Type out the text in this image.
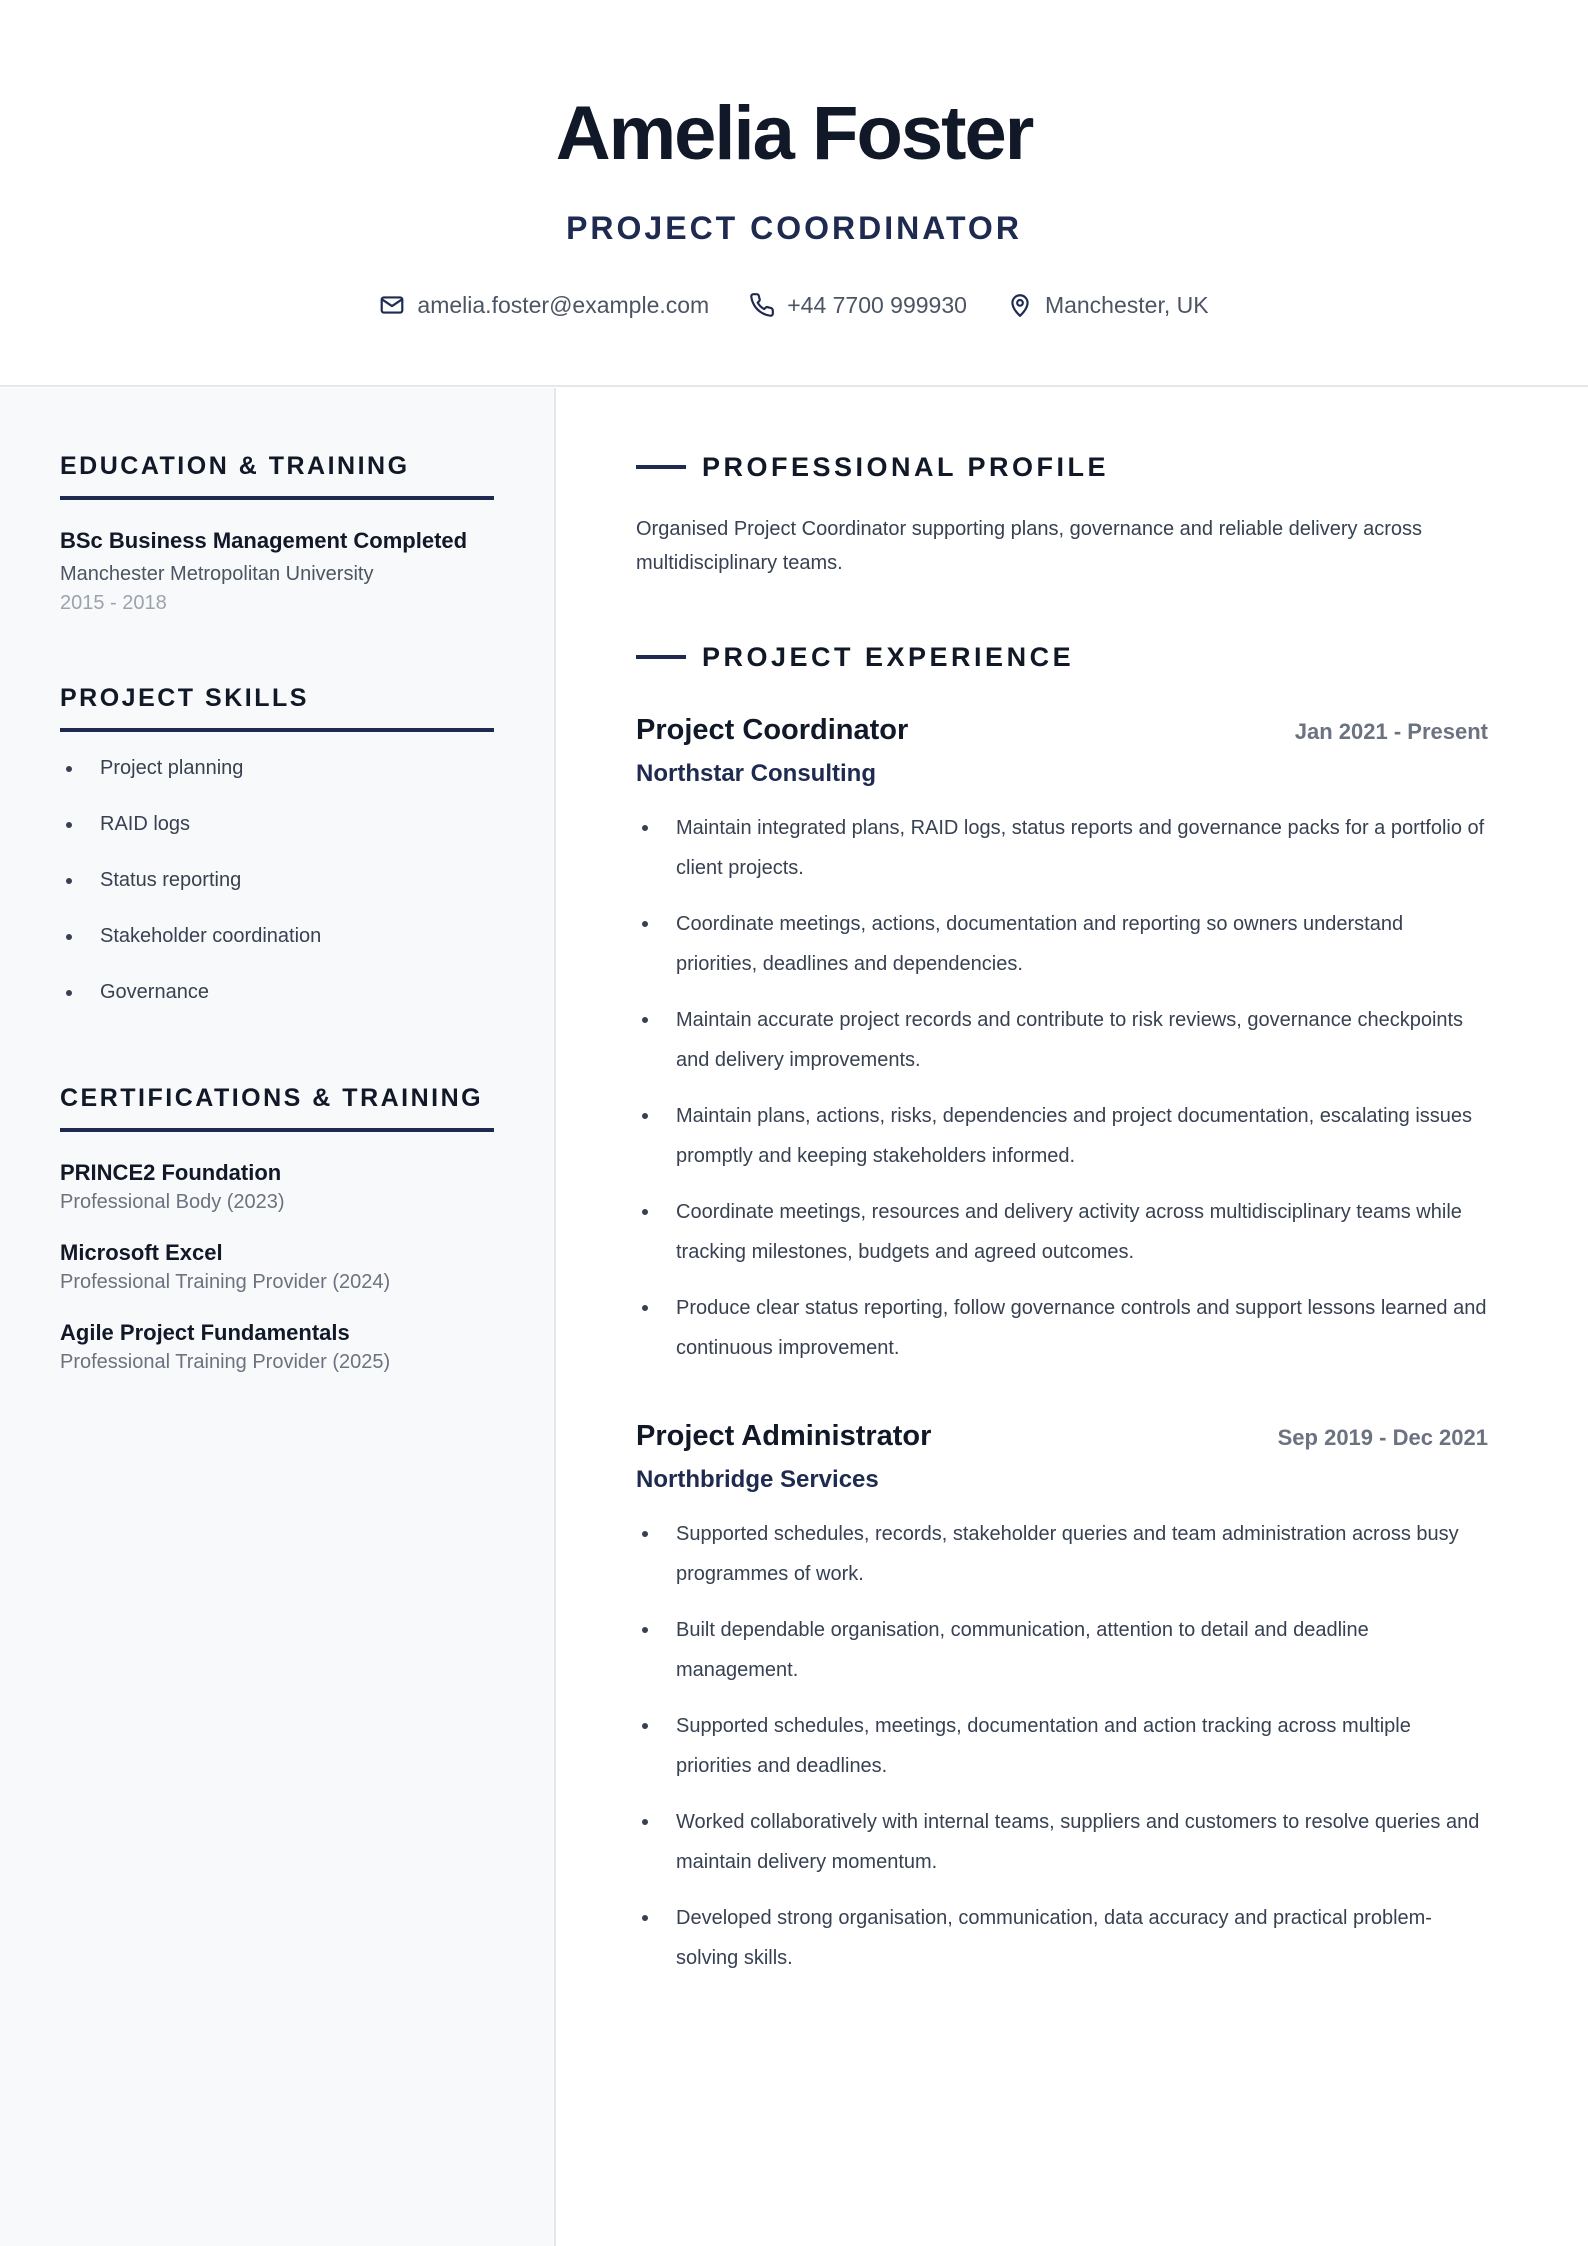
Amelia Foster
PROJECT COORDINATOR
amelia.foster@example.com	+44 7700 999930	Manchester, UK
EDUCATION & TRAINING
BSc Business Management Completed
Manchester Metropolitan University
2015 - 2018
PROJECT SKILLS
Project planning
RAID logs
Status reporting
Stakeholder coordination
Governance
CERTIFICATIONS & TRAINING
PRINCE2 Foundation
Professional Body (2023)
Microsoft Excel
Professional Training Provider (2024)
Agile Project Fundamentals
Professional Training Provider (2025)
PROFESSIONAL PROFILE
Organised Project Coordinator supporting plans, governance and reliable delivery across multidisciplinary teams.
PROJECT EXPERIENCE
Project Coordinator	Jan 2021 - Present
Northstar Consulting
Maintain integrated plans, RAID logs, status reports and governance packs for a portfolio of client projects.
Coordinate meetings, actions, documentation and reporting so owners understand priorities, deadlines and dependencies.
Maintain accurate project records and contribute to risk reviews, governance checkpoints and delivery improvements.
Maintain plans, actions, risks, dependencies and project documentation, escalating issues promptly and keeping stakeholders informed.
Coordinate meetings, resources and delivery activity across multidisciplinary teams while tracking milestones, budgets and agreed outcomes.
Produce clear status reporting, follow governance controls and support lessons learned and continuous improvement.
Project Administrator	Sep 2019 - Dec 2021
Northbridge Services
Supported schedules, records, stakeholder queries and team administration across busy programmes of work.
Built dependable organisation, communication, attention to detail and deadline management.
Supported schedules, meetings, documentation and action tracking across multiple priorities and deadlines.
Worked collaboratively with internal teams, suppliers and customers to resolve queries and maintain delivery momentum.
Developed strong organisation, communication, data accuracy and practical problem-solving skills.
